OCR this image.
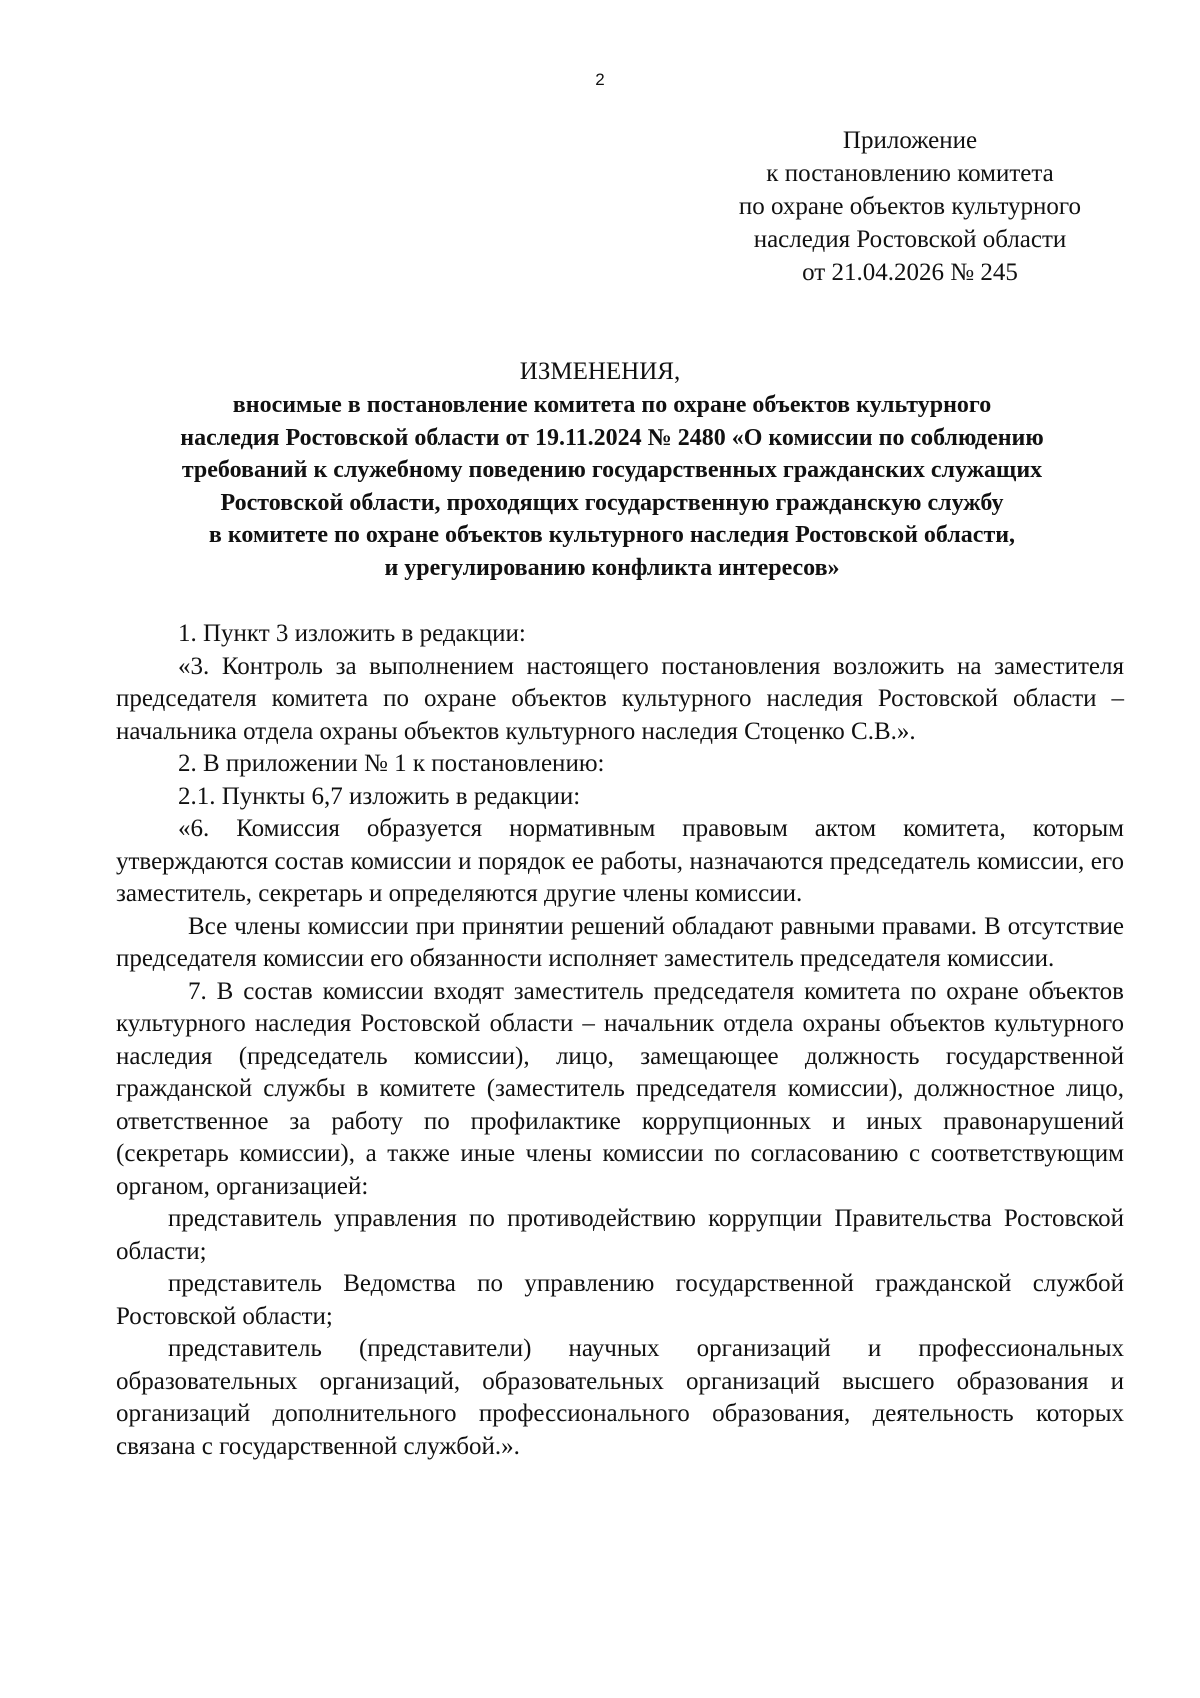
2
Приложение
к постановлению комитета
по охране объектов культурного
наследия Ростовской области
от 21.04.2026 № 245
ИЗМЕНЕНИЯ,
вносимые в постановление комитета по охране объектов культурного
наследия Ростовской области от 19.11.2024 № 2480 «О комиссии по соблюдению
требований к служебному поведению государственных гражданских служащих
Ростовской области, проходящих государственную гражданскую службу
в комитете по охране объектов культурного наследия Ростовской области,
и урегулированию конфликта интересов»

1. Пункт 3 изложить в редакции:

«3. Контроль за выполнением настоящего постановления возложить на заместителя председателя комитета по охране объектов культурного наследия Ростовской области – начальника отдела охраны объектов культурного наследия Стоценко С.В.».

2. В приложении № 1 к постановлению:

2.1. Пункты 6,7 изложить в редакции:

«6. Комиссия образуется нормативным правовым актом комитета, которым утверждаются состав комиссии и порядок ее работы, назначаются председатель комиссии, его заместитель, секретарь и определяются другие члены комиссии.

Все члены комиссии при принятии решений обладают равными правами. В отсутствие председателя комиссии его обязанности исполняет заместитель председателя комиссии.

7. В состав комиссии входят заместитель председателя комитета по охране объектов культурного наследия Ростовской области – начальник отдела охраны объектов культурного наследия (председатель комиссии), лицо, замещающее должность государственной гражданской службы в комитете (заместитель председателя комиссии), должностное лицо, ответственное за работу по профилактике коррупционных и иных правонарушений (секретарь комиссии), а также иные члены комиссии по согласованию с соответствующим органом, организацией:

представитель управления по противодействию коррупции Правительства Ростовской области;

представитель Ведомства по управлению государственной гражданской службой Ростовской области;

представитель (представители) научных организаций и профессиональных образовательных организаций, образовательных организаций высшего образования и организаций дополнительного профессионального образования, деятельность которых связана с государственной службой.».
